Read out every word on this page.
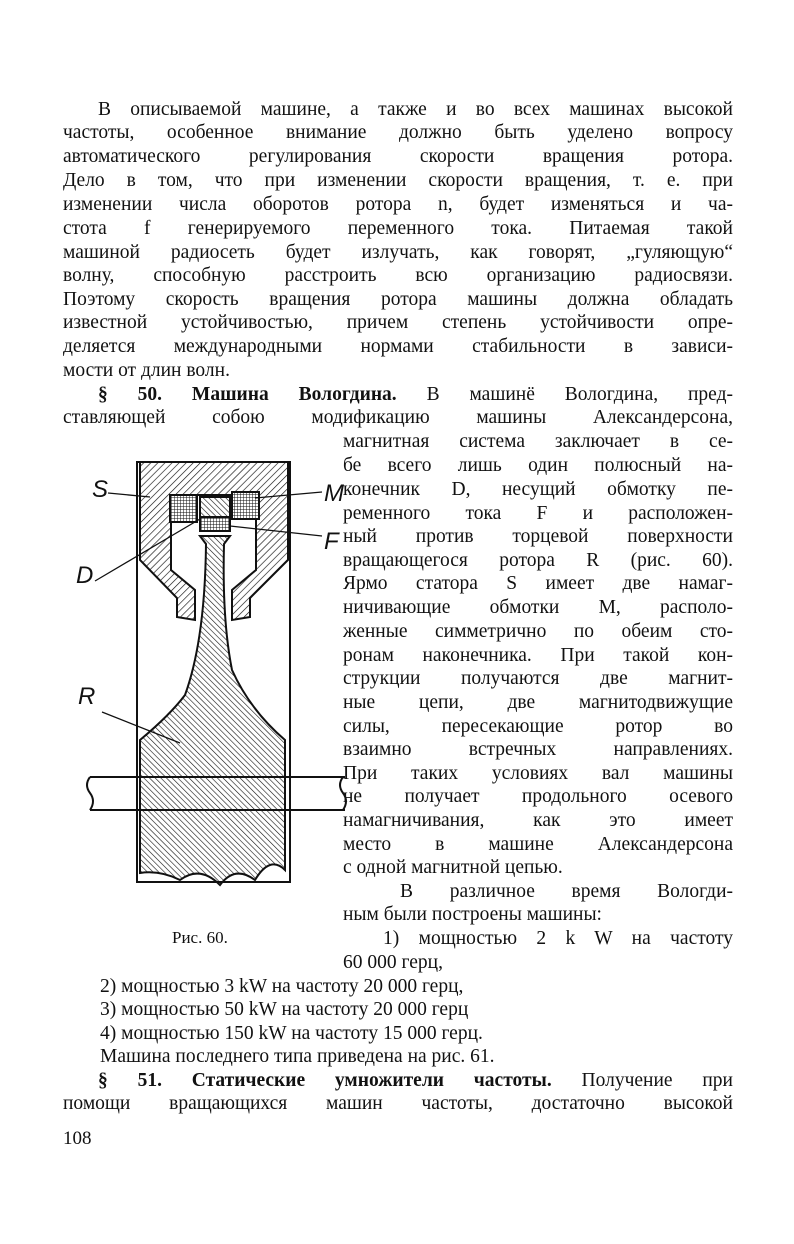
В описываемой машине, а также и во всех машинах высокой
частоты, особенное внимание должно быть уделено вопросу
автоматического регулирования скорости вращения ротора.
Дело в том, что при изменении скорости вращения, т. е. при
изменении числа оборотов ротора n, будет изменяться и ча-
стота f генерируемого переменного тока. Питаемая такой
машиной радиосеть будет излучать, как говорят, „гуляющую“
волну, способную расстроить всю организацию радиосвязи.
Поэтому скорость вращения ротора машины должна обладать
известной устойчивостью, причем степень устойчивости опре-
деляется международными нормами стабильности в зависи-
мости от длин волн.
§ 50. Машина Вологдина. В машинё Вологдина, пред-
ставляющей собою модификацию машины Александерсона,
магнитная система заключает в се-
бе всего лишь один полюсный на-
конечник D, несущий обмотку пе-
ременного тока F и расположен-
ный против торцевой поверхности
вращающегося ротора R (рис. 60).
Ярмо статора S имеет две намаг-
ничивающие обмотки M, располо-
женные симметрично по обеим сто-
ронам наконечника. При такой кон-
струкции получаются две магнит-
ные цепи, две магнитодвижущие
силы, пересекающие ротор во
взаимно встречных направлениях.
При таких условиях вал машины
не получает продольного осевого
намагничивания, как это имеет
место в машине Александерсона
с одной магнитной цепью.
В различное время Вологди-
ным были построены машины:
1) мощностью 2 k W на частоту
60 000 герц,
2) мощностью 3 kW на частоту 20 000 герц,
3) мощностью 50 kW на частоту 20 000 герц
4) мощностью 150 kW на частоту 15 000 герц.
Машина последнего типа приведена на рис. 61.
§ 51. Статические умножители частоты. Получение при
помощи вращающихся машин частоты, достаточно высокой
S	M
F
D
R
Рис. 60.
108
